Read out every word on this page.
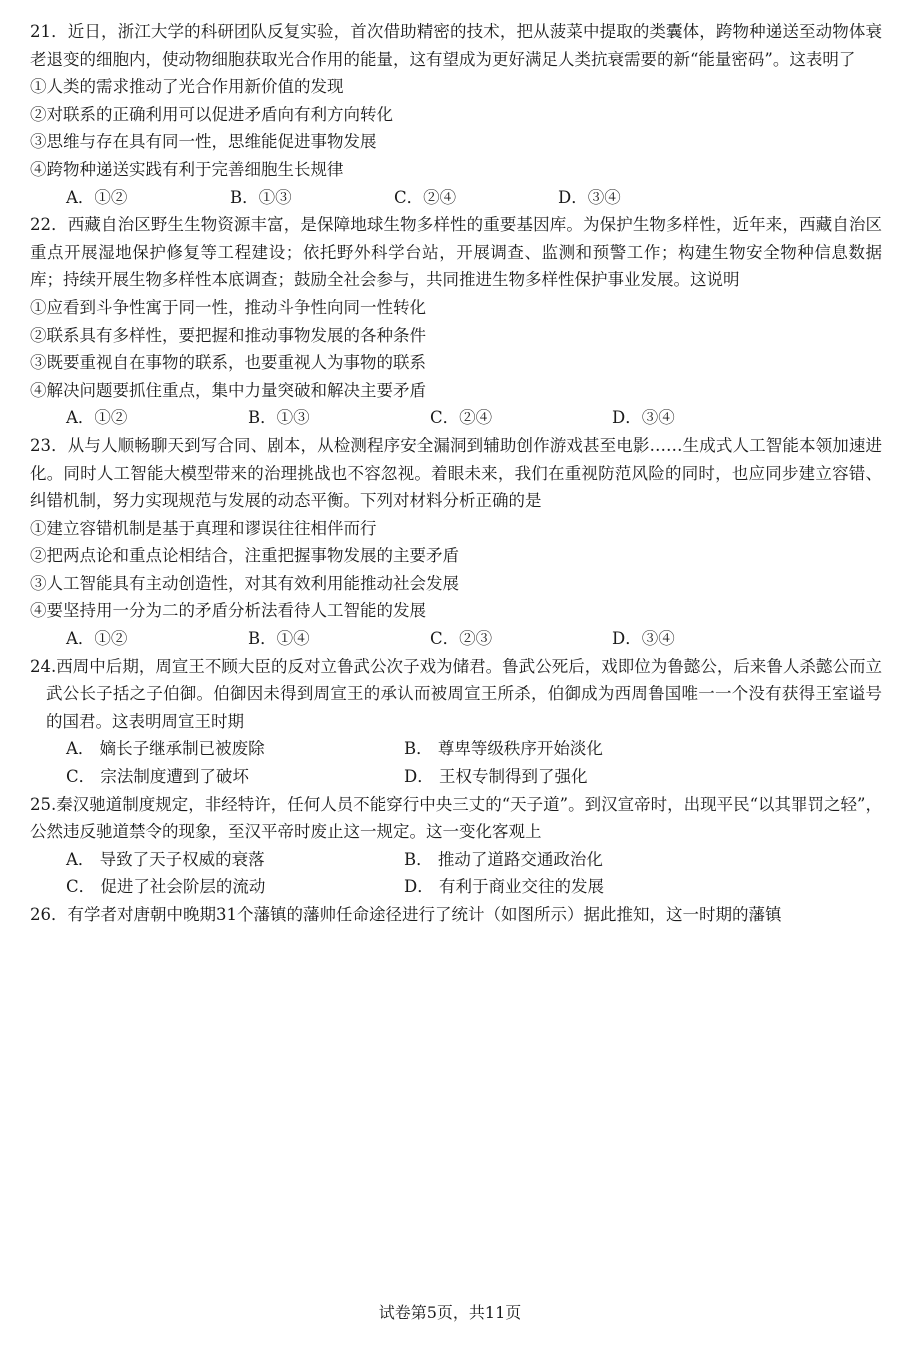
21．近日，浙江大学的科研团队反复实验，首次借助精密的技术，把从菠菜中提取的类囊体，跨物种递送至动物体衰老退变的细胞内，使动物细胞获取光合作用的能量，这有望成为更好满足人类抗衰需要的新“能量密码”。这表明了

①人类的需求推动了光合作用新价值的发现

②对联系的正确利用可以促进矛盾向有利方向转化

③思维与存在具有同一性，思维能促进事物发展

④跨物种递送实践有利于完善细胞生长规律

A．①②	B．①③	C．②④	D．③④

22．西藏自治区野生生物资源丰富，是保障地球生物多样性的重要基因库。为保护生物多样性，近年来，西藏自治区重点开展湿地保护修复等工程建设；依托野外科学台站，开展调查、监测和预警工作；构建生物安全物种信息数据库；持续开展生物多样性本底调查；鼓励全社会参与，共同推进生物多样性保护事业发展。这说明

①应看到斗争性寓于同一性，推动斗争性向同一性转化

②联系具有多样性，要把握和推动事物发展的各种条件

③既要重视自在事物的联系，也要重视人为事物的联系

④解决问题要抓住重点，集中力量突破和解决主要矛盾

A．①②	B．①③	C．②④	D．③④

23．从与人顺畅聊天到写合同、剧本，从检测程序安全漏洞到辅助创作游戏甚至电影……生成式人工智能本领加速进化。同时人工智能大模型带来的治理挑战也不容忽视。着眼未来，我们在重视防范风险的同时，也应同步建立容错、纠错机制，努力实现规范与发展的动态平衡。下列对材料分析正确的是

①建立容错机制是基于真理和谬误往往相伴而行

②把两点论和重点论相结合，注重把握事物发展的主要矛盾

③人工智能具有主动创造性，对其有效利用能推动社会发展

④要坚持用一分为二的矛盾分析法看待人工智能的发展

A．①②	B．①④	C．②③	D．③④

24.西周中后期，周宣王不顾大臣的反对立鲁武公次子戏为储君。鲁武公死后，戏即位为鲁懿公，后来鲁人杀懿公而立武公长子括之子伯御。伯御因未得到周宣王的承认而被周宣王所杀，伯御成为西周鲁国唯一一个没有获得王室谥号的国君。这表明周宣王时期

A． 嫡长子继承制已被废除	B． 尊卑等级秩序开始淡化
C． 宗法制度遭到了破坏	D． 王权专制得到了强化

25.秦汉驰道制度规定，非经特许，任何人员不能穿行中央三丈的“天子道”。到汉宣帝时，出现平民“以其罪罚之轻”，公然违反驰道禁令的现象，至汉平帝时废止这一规定。这一变化客观上

A． 导致了天子权威的衰落	B． 推动了道路交通政治化
C． 促进了社会阶层的流动	D． 有利于商业交往的发展

26．有学者对唐朝中晚期31个藩镇的藩帅任命途径进行了统计（如图所示）据此推知，这一时期的藩镇

试卷第5页，共11页
